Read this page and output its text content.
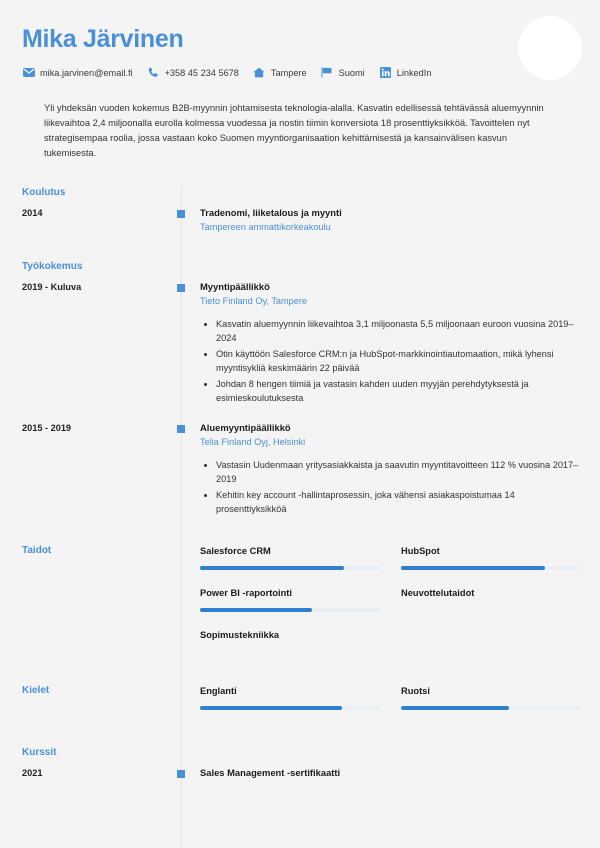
Mika Järvinen
mika.jarvinen@email.fi	+358 45 234 5678	Tampere	Suomi	LinkedIn

Yli yhdeksän vuoden kokemus B2B-myynnin johtamisesta teknologia-alalla. Kasvatin edellisessä tehtävässä aluemyynnin liikevaihtoa 2,4 miljoonalla eurolla kolmessa vuodessa ja nostin tiimin konversiota 18 prosenttiyksikköä. Tavoittelen nyt strategisempaa roolia, jossa vastaan koko Suomen myyntiorganisaation kehittämisestä ja kansainvälisen kasvun tukemisesta.

Koulutus
2014	Tradenomi, liiketalous ja myynti
Tampereen ammattikorkeakoulu
Työkokemus
2019 - Kuluva	Myyntipäällikkö
Tieto Finland Oy, Tampere
Kasvatin aluemyynnin liikevaihtoa 3,1 miljoonasta 5,5 miljoonaan euroon vuosina 2019–2024
Otin käyttöön Salesforce CRM:n ja HubSpot-markkinointiautomaation, mikä lyhensi myyntisykliä keskimäärin 22 päivää
Johdan 8 hengen tiimiä ja vastasin kahden uuden myyjän perehdytyksestä ja esimieskoulutuksesta
2015 - 2019	Aluemyyntipäällikkö
Telia Finland Oyj, Helsinki
Vastasin Uudenmaan yritysasiakkaista ja saavutin myyntitavoitteen 112 % vuosina 2017–2019
Kehitin key account -hallintaprosessin, joka vähensi asiakaspoistumaa 14 prosenttiyksikköä
Taidot	Salesforce CRM	HubSpot
Power BI -raportointi	Neuvottelutaidot
Sopimustekniikka
Kielet	Englanti	Ruotsi
Kurssit
2021	Sales Management -sertifikaatti
